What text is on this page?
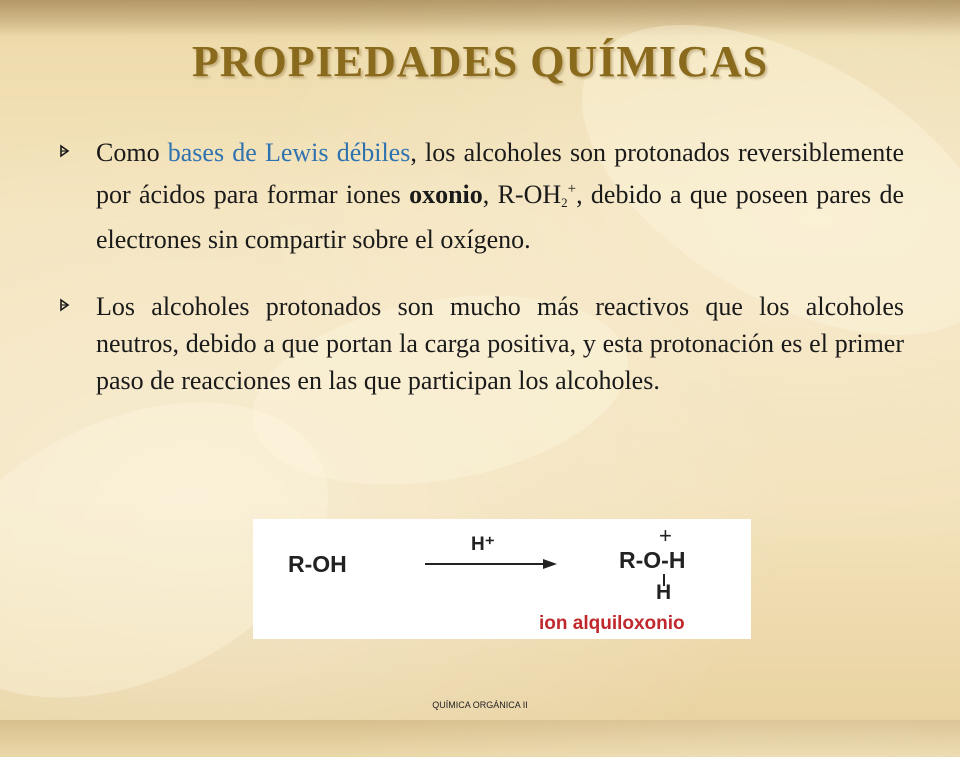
PROPIEDADES QUÍMICAS
Como bases de Lewis débiles, los alcoholes son protonados reversiblemente por ácidos para formar iones oxonio, $R-OH_2^+$, debido a que poseen pares de electrones sin compartir sobre el oxígeno.
Los alcoholes protonados son mucho más reactivos que los alcoholes neutros, debido a que portan la carga positiva, y esta protonación es el primer paso de reacciones en las que participan los alcoholes.
R-OH
H⁺	+
R-O-H
H
ion alquiloxonio
QUÍMICA ORGÁNICA II
